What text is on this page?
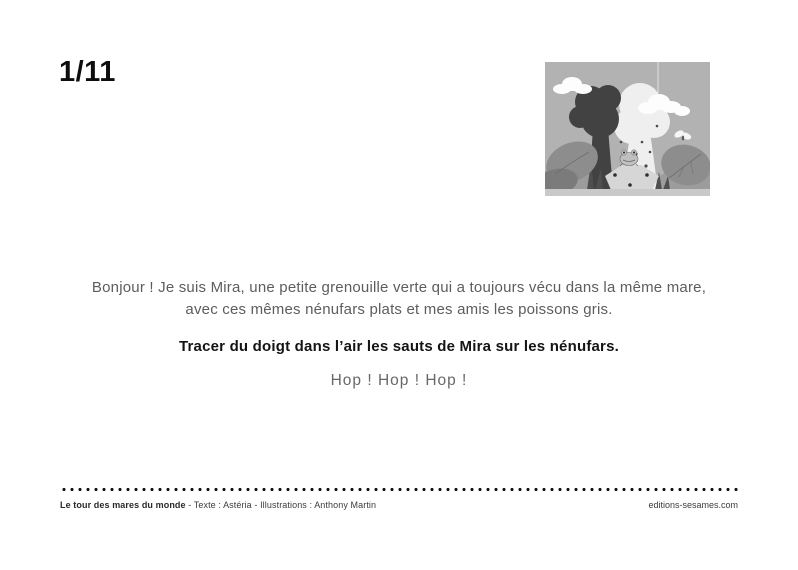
1/11
Bonjour ! Je suis Mira, une petite grenouille verte qui a toujours vécu dans la même mare,
avec ces mêmes nénufars plats et mes amis les poissons gris.
Tracer du doigt dans l’air les sauts de Mira sur les nénufars.
Hop ! Hop ! Hop !
Le tour des mares du monde - Texte : Astéria - Illustrations : Anthony Martin	editions-sesames.com
